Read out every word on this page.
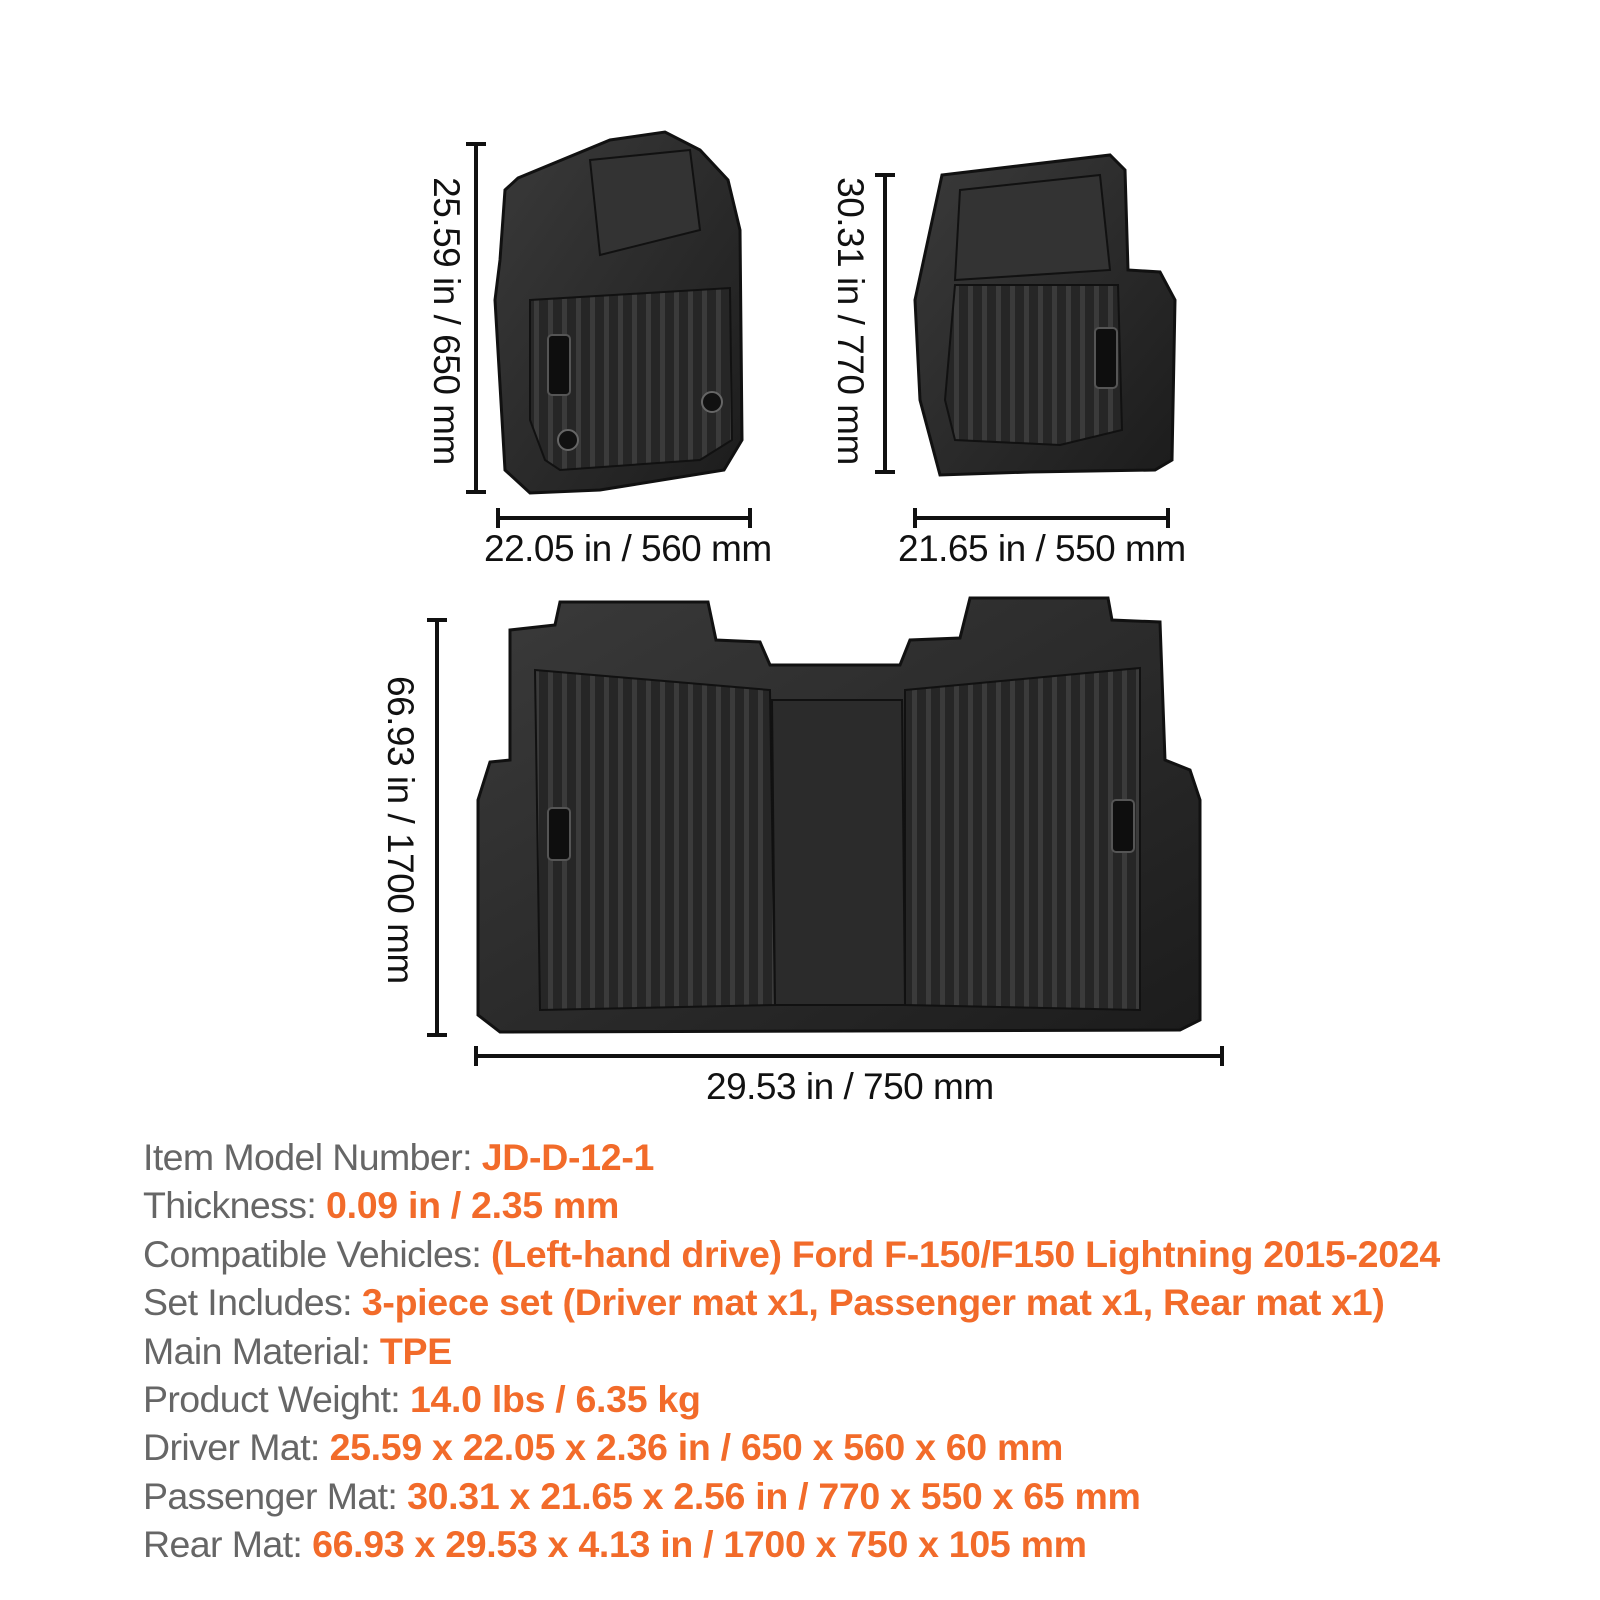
25.59 in / 650 mm
22.05 in / 560 mm
30.31 in / 770 mm
21.65 in / 550 mm
66.93 in / 1700 mm
29.53 in / 750 mm
Item Model Number: JD-D-12-1
Thickness: 0.09 in / 2.35 mm
Compatible Vehicles: (Left-hand drive) Ford F-150/F150 Lightning 2015-2024
Set Includes: 3-piece set (Driver mat x1, Passenger mat x1, Rear mat x1)
Main Material: TPE
Product Weight: 14.0 lbs / 6.35 kg
Driver Mat: 25.59 x 22.05 x 2.36 in / 650 x 560 x 60 mm
Passenger Mat: 30.31 x 21.65 x 2.56 in / 770 x 550 x 65 mm
Rear Mat: 66.93 x 29.53 x 4.13 in / 1700 x 750 x 105 mm
